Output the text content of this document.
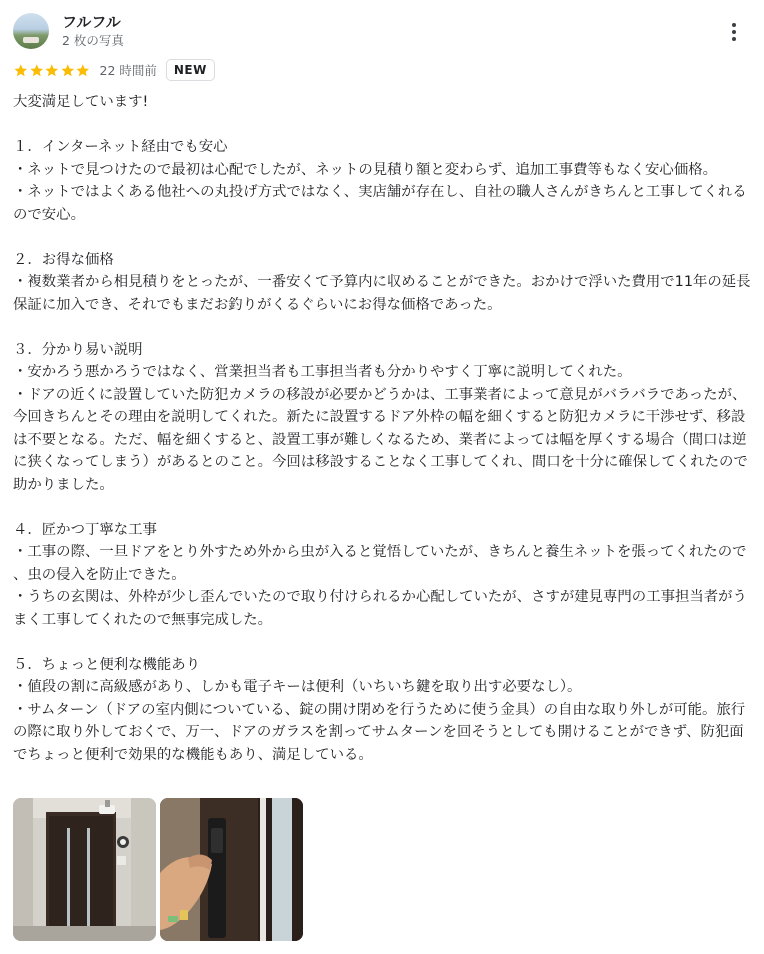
フルフル
2 枚の写真
22 時間前	NEW

大変満足しています!

１．インターネット経由でも安心

・ネットで見つけたので最初は心配でしたが、ネットの見積り額と変わらず、追加工事費等もなく安心価格。

・ネットではよくある他社への丸投げ方式ではなく、実店舗が存在し、自社の職人さんがきちんと工事してくれるので安心。

２．お得な価格

・複数業者から相見積りをとったが、一番安くて予算内に収めることができた。おかけで浮いた費用で11年の延長保証に加入でき、それでもまだお釣りがくるぐらいにお得な価格であった。

３．分かり易い説明

・安かろう悪かろうではなく、営業担当者も工事担当者も分かりやすく丁寧に説明してくれた。

・ドアの近くに設置していた防犯カメラの移設が必要かどうかは、工事業者によって意見がバラバラであったが、今回きちんとその理由を説明してくれた。新たに設置するドア外枠の幅を細くすると防犯カメラに干渉せず、移設は不要となる。ただ、幅を細くすると、設置工事が難しくなるため、業者によっては幅を厚くする場合（間口は逆に狭くなってしまう）があるとのこと。今回は移設することなく工事してくれ、間口を十分に確保してくれたので助かりました。

４．匠かつ丁寧な工事

・工事の際、一旦ドアをとり外すため外から虫が入ると覚悟していたが、きちんと養生ネットを張ってくれたので、虫の侵入を防止できた。

・うちの玄関は、外枠が少し歪んでいたので取り付けられるか心配していたが、さすが建見専門の工事担当者がうまく工事してくれたので無事完成した。

５．ちょっと便利な機能あり

・値段の割に高級感があり、しかも電子キーは便利（いちいち鍵を取り出す必要なし）。

・サムターン（ドアの室内側についている、錠の開け閉めを行うために使う金具）の自由な取り外しが可能。旅行の際に取り外しておくで、万一、ドアのガラスを割ってサムターンを回そうとしても開けることができず、防犯面でちょっと便利で効果的な機能もあり、満足している。
